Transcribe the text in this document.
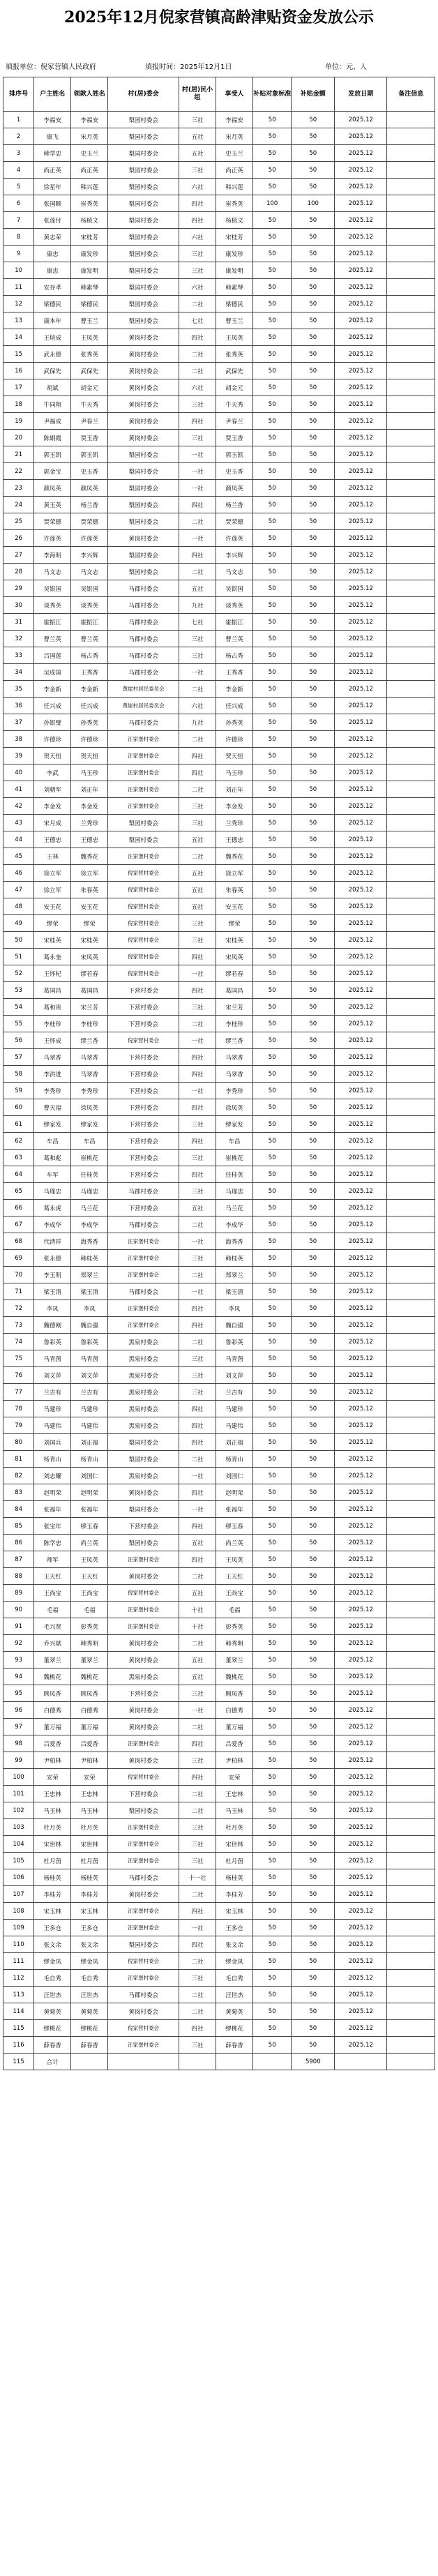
2025年12月倪家营镇高龄津贴资金发放公示
填报单位：倪家营镇人民政府	填报时间：2025年12月1日	单位：元、人
排序号	户主姓名	领款人姓名	村(居)委会	村(居)民小组	享受人	补贴对象标准	补贴金额	发放日期	备注信息
1	李福安	李福安	梨园村委会	三社	李福安	50	50	2025.12	
2	康飞	宋月英	梨园村委会	五社	宋月英	50	50	2025.12	
3	韩学忠	史玉兰	梨园村委会	五社	史玉兰	50	50	2025.12	
4	尚正英	尚正英	梨园村委会	三社	尚正英	50	50	2025.12	
5	徐星年	韩兴莲	梨园村委会	六社	韩兴莲	50	50	2025.12	
6	张国顺	崔秀英	梨园村委会	四社	崔秀英	100	100	2025.12	
7	张莲付	杨植文	梨园村委会	四社	杨植文	50	50	2025.12	
8	黄志荣	宋桂芳	梨园村委会	六社	宋桂芳	50	50	2025.12	
9	康忠	康发珍	梨园村委会	三社	康发珍	50	50	2025.12	
10	康忠	康发明	梨园村委会	三社	康发明	50	50	2025.12	
11	安存孝	韩素琴	梨园村委会	六社	韩素琴	50	50	2025.12	
12	梁德民	梁德民	梨园村委会	二社	梁德民	50	50	2025.12	
13	康本年	曹玉兰	梨园村委会	七社	曹玉兰	50	50	2025.12	
14	王煊成	王凤英	黄岗村委会	四社	王凤英	50	50	2025.12	
15	武永德	张秀英	黄岗村委会	二社	张秀英	50	50	2025.12	
16	武保先	武保先	黄岗村委会	二社	武保先	50	50	2025.12	
17	胡斌	胡金元	黄岗村委会	六社	胡金元	50	50	2025.12	
18	牛同翔	牛天秀	黄岗村委会	三社	牛天秀	50	50	2025.12	
19	尹福成	尹春兰	黄岗村委会	四社	尹春兰	50	50	2025.12	
20	陈娟霞	贾玉香	黄岗村委会	三社	贾玉香	50	50	2025.12	
21	郭玉凯	郭玉凯	梨园村委会	一社	郭玉凯	50	50	2025.12	
22	郭金宝	史玉香	梨园村委会	一社	史玉香	50	50	2025.12	
23	颜凤英	颜凤英	梨园村委会	一社	颜凤英	50	50	2025.12	
24	黄玉英	杨兰香	梨园村委会	四社	杨兰香	50	50	2025.12	
25	贾荣德	贾荣德	梨园村委会	二社	贾荣德	50	50	2025.12	
26	许莲英	许莲英	黄岗村委会	一社	许莲英	50	50	2025.12	
27	李海明	李兴辉	梨园村委会	四社	李兴辉	50	50	2025.12	
28	马文志	马文志	梨园村委会	二社	马文志	50	50	2025.12	
29	吴银国	吴银国	马郡村委会	五社	吴银国	50	50	2025.12	
30	谈秀英	谈秀英	马郡村委会	九社	谈秀英	50	50	2025.12	
31	霍振江	霍振江	马郡村委会	七社	霍振江	50	50	2025.12	
32	曹兰英	曹兰英	马郡村委会	三社	曹兰英	50	50	2025.12	
33	吕国莲	杨占秀	马郡村委会	三社	杨占秀	50	50	2025.12	
34	吴成国	王秀香	马郡村委会	一社	王秀香	50	50	2025.12	
35	李金新	李金新	黄崖村居民委员会	二社	李金新	50	50	2025.12	
36	任兴成	任兴成	黄崖村居民委员会	六社	任兴成	50	50	2025.12	
37	孙银璧	孙秀英	马郡村委会	九社	孙秀英	50	50	2025.12	
38	许德珍	许德珍	汪家堡村委会	二社	许德珍	50	50	2025.12	
39	贺天恒	贺天恒	汪家堡村委会	四社	贺天恒	50	50	2025.12	
40	李武	马玉珍	汪家堡村委会	四社	马玉珍	50	50	2025.12	
41	刘朝军	刘正年	汪家堡村委会	二社	刘正年	50	50	2025.12	
42	李金发	李金发	汪家堡村委会	三社	李金发	50	50	2025.12	
43	宋月成	兰秀珍	梨园村委会	三社	兰秀珍	50	50	2025.12	
44	王德忠	王德忠	梨园村委会	五社	王德忠	50	50	2025.12	
45	王林	魏秀花	汪家堡村委会	二社	魏秀花	50	50	2025.12	
46	徐立军	徐立军	倪家营村委会	五社	徐立军	50	50	2025.12	
47	徐立军	朱春英	倪家营村委会	五社	朱春英	50	50	2025.12	
48	安玉花	安玉花	倪家营村委会	五社	安玉花	50	50	2025.12	
49	缪荣	缪荣	倪家营村委会	三社	缪荣	50	50	2025.12	
50	宋桂英	宋桂英	倪家营村委会	三社	宋桂英	50	50	2025.12	
51	葛永奎	宋凤英	倪家营村委会	四社	宋凤英	50	50	2025.12	
52	王怀杞	缪若春	倪家营村委会	一社	缪若春	50	50	2025.12	
53	葛国昌	葛国昌	下营村委会	四社	葛国昌	50	50	2025.12	
54	葛和贵	宋兰芳	下营村委会	三社	宋兰芳	50	50	2025.12	
55	李桂珍	李桂珍	下营村委会	二社	李桂珍	50	50	2025.12	
56	王怀成	缪兰香	倪家营村委会	一社	缪兰香	50	50	2025.12	
57	马翠香	马翠香	下营村委会	四社	马翠香	50	50	2025.12	
58	李洪进	马翠香	下营村委会	四社	马翠香	50	50	2025.12	
59	李秀珍	李秀珍	下营村委会	一社	李秀珍	50	50	2025.12	
60	曹天福	徐凤英	下营村委会	四社	徐凤英	50	50	2025.12	
61	缪家发	缪家发	下营村委会	三社	缪家发	50	50	2025.12	
62	车昌	车昌	下营村委会	四社	车昌	50	50	2025.12	
63	葛和彪	崔桃花	下营村委会	三社	崔桃花	50	50	2025.12	
64	车军	任桂英	下营村委会	四社	任桂英	50	50	2025.12	
65	马瑾忠	马瑾忠	马郡村委会	三社	马瑾忠	50	50	2025.12	
66	葛永虎	马兰花	下营村委会	五社	马兰花	50	50	2025.12	
67	李成华	李成华	马郡村委会	二社	李成华	50	50	2025.12	
68	代清祥	海秀香	汪家堡村委会	一社	海秀香	50	50	2025.12	
69	张永德	韩桂英	汪家堡村委会	三社	韩桂英	50	50	2025.12	
70	李玉明	郑翠兰	汪家堡村委会	二社	郑翠兰	50	50	2025.12	
71	梁玉清	梁玉清	马郡村委会	一社	梁玉清	50	50	2025.12	
72	李凤	李凤	汪家堡村委会	四社	李凤	50	50	2025.12	
73	魏德刚	魏自强	汪家堡村委会	四社	魏自强	50	50	2025.12	
74	鲁彩英	鲁彩英	黑泉村委会	二社	鲁彩英	50	50	2025.12	
75	马青茵	马青茵	黑泉村委会	三社	马青茵	50	50	2025.12	
76	刘文萍	刘文萍	黑泉村委会	三社	刘文萍	50	50	2025.12	
77	兰吉有	兰吉有	黑泉村委会	三社	兰吉有	50	50	2025.12	
78	马建珍	马建珍	黑泉村委会	四社	马建珍	50	50	2025.12	
79	马建伟	马建伟	黑泉村委会	四社	马建伟	50	50	2025.12	
80	刘国兵	刘正福	梨园村委会	四社	刘正福	50	50	2025.12	
81	杨青山	杨青山	梨园村委会	二社	杨青山	50	50	2025.12	
82	刘志耀	刘国仁	黑泉村委会	一社	刘国仁	50	50	2025.12	
83	赵明荣	赵明荣	黄岗村委会	四社	赵明荣	50	50	2025.12	
84	张福年	张福年	梨园村委会	一社	张福年	50	50	2025.12	
85	张宝年	缪玉春	下营村委会	四社	缪玉春	50	50	2025.12	
86	陈学忠	尚兰英	梨园村委会	五社	尚兰英	50	50	2025.12	
87	师军	王凤英	汪家堡村委会	四社	王凤英	50	50	2025.12	
88	王天红	王天红	黄岗村委会	二社	王天红	50	50	2025.12	
89	王尚宝	王尚宝	倪家营村委会	五社	王尚宝	50	50	2025.12	
90	毛福	毛福	汪家堡村委会	十社	毛福	50	50	2025.12	
91	毛兴贤	彭秀英	汪家堡村委会	十社	彭秀英	50	50	2025.12	
92	乔兴斌	韩秀明	黄岗村委会	二社	韩秀明	50	50	2025.12	
93	董翠兰	董翠兰	黄岗村委会	五社	董翠兰	50	50	2025.12	
94	魏桃花	魏桃花	黑泉村委会	五社	魏桃花	50	50	2025.12	
95	顾凤香	顾凤香	下营村委会	三社	顾凤香	50	50	2025.12	
96	白德秀	白德秀	黄岗村委会	一社	白德秀	50	50	2025.12	
97	董万福	董万福	黄岗村委会	二社	董万福	50	50	2025.12	
98	吕爱香	吕爱香	汪家堡村委会	四社	吕爱香	50	50	2025.12	
99	尹柏林	尹柏林	黄岗村委会	三社	尹柏林	50	50	2025.12	
100	安荣	安荣	倪家营村委会	四社	安荣	50	50	2025.12	
101	王忠林	王忠林	下营村委会	二社	王忠林	50	50	2025.12	
102	马玉林	马玉林	梨园村委会	二社	马玉林	50	50	2025.12	
103	杜月英	杜月英	汪家堡村委会	三社	杜月英	50	50	2025.12	
104	宋世林	宋世林	汪家堡村委会	三社	宋世林	50	50	2025.12	
105	杜月茵	杜月茵	汪家堡村委会	三社	杜月茵	50	50	2025.12	
106	杨桂英	杨桂英	马郡村委会	十一社	杨桂英	50	50	2025.12	
107	李桂芳	李桂芳	黄岗村委会	二社	李桂芳	50	50	2025.12	
108	宋玉林	宋玉林	汪家堡村委会	四社	宋玉林	50	50	2025.12	
109	王多仓	王多仓	汪家堡村委会	一社	王多仓	50	50	2025.12	
110	张文余	张文余	梨园村委会	四社	张文余	50	50	2025.12	
111	缪金凤	缪金凤	倪家营村委会	二社	缪金凤	50	50	2025.12	
112	毛自秀	毛自秀	汪家堡村委会	三社	毛自秀	50	50	2025.12	
113	汪世杰	汪世杰	马郡村委会	二社	汪世杰	50	50	2025.12	
114	黄菊英	黄菊英	黄岗村委会	二社	黄菊英	50	50	2025.12	
115	缪桃花	缪桃花	倪家营村委会	四社	缪桃花	50	50	2025.12	
116	薛春香	薛春香	汪家堡村委会	三社	薛春香	50	50	2025.12	
115	合计						5900		
